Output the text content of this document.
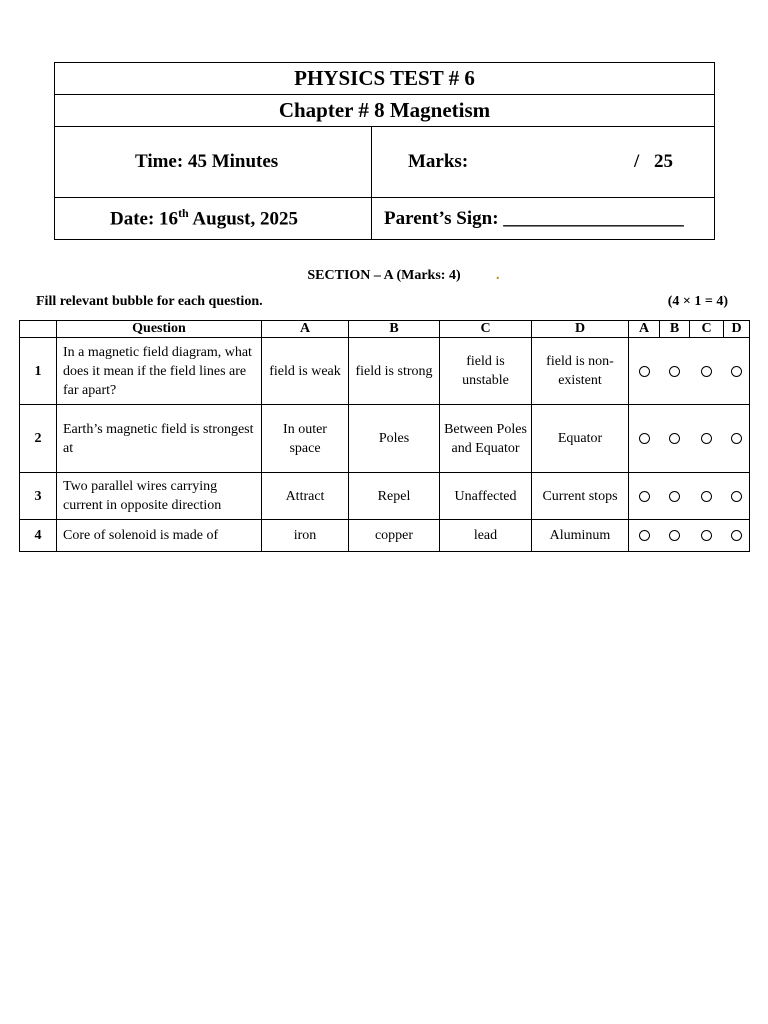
PHYSICS TEST # 6	
Chapter # 8 Magnetism	
Time: 45 Minutes	Marks: / 25

Date: 16th August, 2025	Parent’s Sign: ___________________
SECTION – A (Marks: 4)	.
Fill relevant bubble for each question.	(4 × 1 = 4)
	Question	A	B	C	D	A	B	C	D
1	In a magnetic field diagram, what does it mean if the field lines are far apart?	field is weak	field is strong	field is unstable	field is non-existent				
2	Earth’s magnetic field is strongest at	In outer space	Poles	Between Poles and Equator	Equator				
3	Two parallel wires carrying current in opposite direction	Attract	Repel	Unaffected	Current stops				
4	Core of solenoid is made of	iron	copper	lead	Aluminum				
